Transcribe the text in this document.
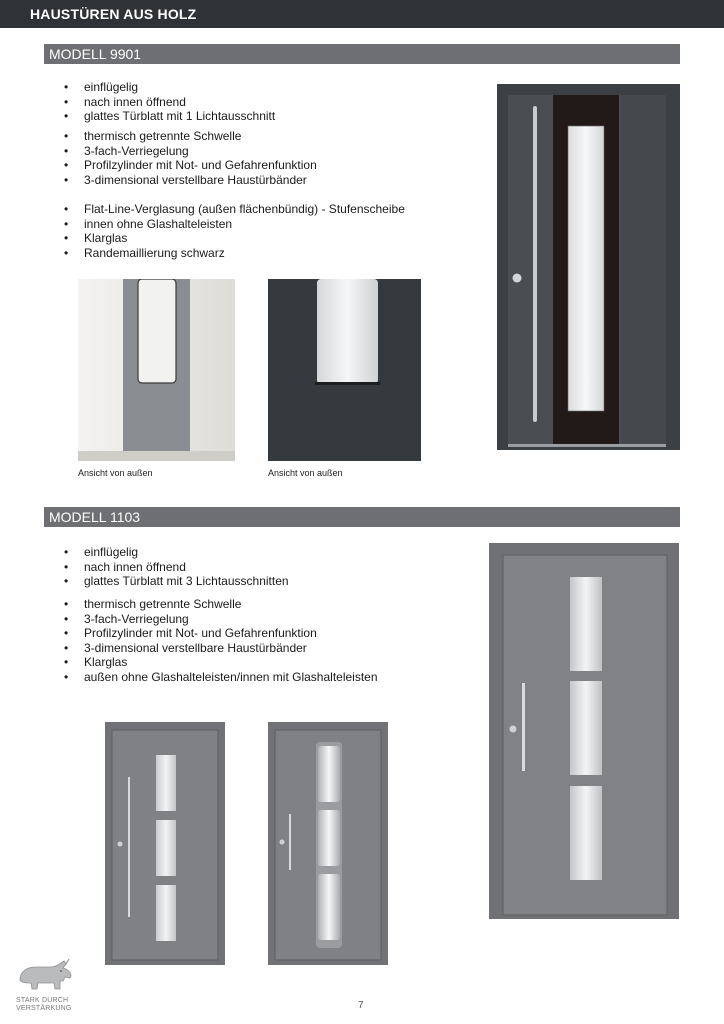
HAUSTÜREN AUS HOLZ
MODELL 9901
• einflügelig
• nach innen öffnend
• glattes Türblatt mit 1 Lichtausschnitt
• thermisch getrennte Schwelle
• 3-fach-Verriegelung
• Profilzylinder mit Not- und Gefahrenfunktion
• 3-dimensional verstellbare Haustürbänder
• Flat-Line-Verglasung (außen flächenbündig) - Stufenscheibe
• innen ohne Glashalteleisten
• Klarglas
• Randemaillierung schwarz
Ansicht von außen	Ansicht von außen
MODELL 1103
• einflügelig
• nach innen öffnend
• glattes Türblatt mit 3 Lichtausschnitten
• thermisch getrennte Schwelle
• 3-fach-Verriegelung
• Profilzylinder mit Not- und Gefahrenfunktion
• 3-dimensional verstellbare Haustürbänder
• Klarglas
• außen ohne Glashalteleisten/innen mit Glashalteleisten
STARK DURCH
VERSTÄRKUNG	7
